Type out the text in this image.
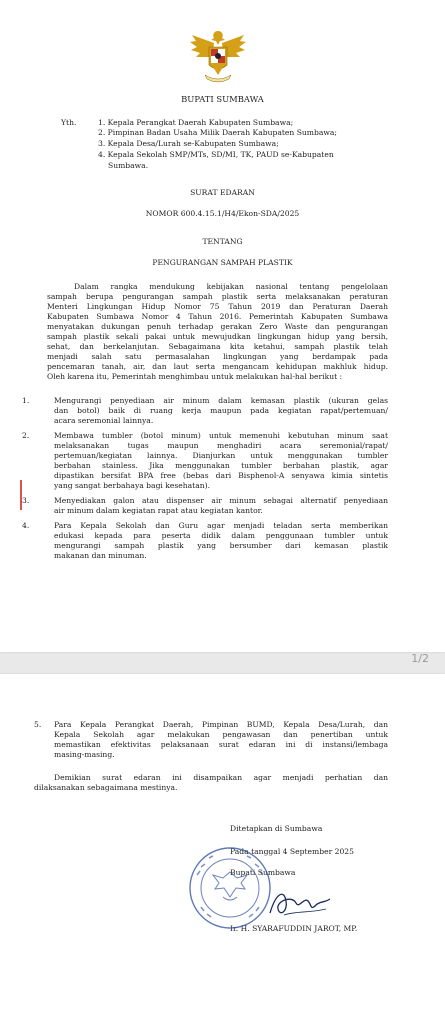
BUPATI SUMBAWA
Yth.	1. Kepala Perangkat Daerah Kabupaten Sumbawa;
2. Pimpinan Badan Usaha Milik Daerah Kabupaten Sumbawa;
3. Kepala Desa/Lurah se-Kabupaten Sumbawa;
4. Kepala Sekolah SMP/MTs, SD/MI, TK, PAUD se-Kabupaten
Sumbawa.
SURAT EDARAN
NOMOR 600.4.15.1/H4/Ekon-SDA/2025
TENTANG
PENGURANGAN SAMPAH PLASTIK
Dalam rangka mendukung kebijakan nasional tentang pengelolaan
sampah berupa pengurangan sampah plastik serta melaksanakan peraturan
Menteri Lingkungan Hidup Nomor 75 Tahun 2019 dan Peraturan Daerah
Kabupaten Sumbawa Nomor 4 Tahun 2016. Pemerintah Kabupaten Sumbawa
menyatakan dukungan penuh terhadap gerakan Zero Waste dan pengurangan
sampah plastik sekali pakai untuk mewujudkan lingkungan hidup yang bersih,
sehat, dan berkelanjutan. Sebagaimana kita ketahui, sampah plastik telah
menjadi salah satu permasalahan lingkungan yang berdampak pada
pencemaran tanah, air, dan laut serta mengancam kehidupan makhluk hidup.
Oleh karena itu, Pemerintah menghimbau untuk melakukan hal-hal berikut :
1.	Mengurangi penyediaan air minum dalam kemasan plastik (ukuran gelas
dan botol) baik di ruang kerja maupun pada kegiatan rapat/pertemuan/
acara seremonial lainnya.
2.	Membawa tumbler (botol minum) untuk memenuhi kebutuhan minum saat
melaksanakan tugas maupun menghadiri acara seremonial/rapat/
pertemuan/kegiatan lainnya. Dianjurkan untuk menggunakan tumbler
berbahan stainless. Jika menggunakan tumbler berbahan plastik, agar
dipastikan bersifat BPA free (bebas dari Bisphenol-A senyawa kimia sintetis
yang sangat berbahaya bagi kesehatan).
3.	Menyediakan galon atau dispenser air minum sebagai alternatif penyediaan
air minum dalam kegiatan rapat atau kegiatan kantor.
4.	Para Kepala Sekolah dan Guru agar menjadi teladan serta memberikan
edukasi kepada para peserta didik dalam penggunaan tumbler untuk
mengurangi sampah plastik yang bersumber dari kemasan plastik
makanan dan minuman.
1/2
5. Para Kepala Perangkat Daerah, Pimpinan BUMD, Kepala Desa/Lurah, dan
Kepala Sekolah agar melakukan pengawasan dan penertiban untuk
memastikan efektivitas pelaksanaan surat edaran ini di instansi/lembaga
masing-masing.
Demikian surat edaran ini disampaikan agar menjadi perhatian dan
dilaksanakan sebagaimana mestinya.
Ditetapkan di Sumbawa
Pada tanggal 4 September 2025
Bupati Sumbawa
Ir. H. SYARAFUDDIN JAROT, MP.
